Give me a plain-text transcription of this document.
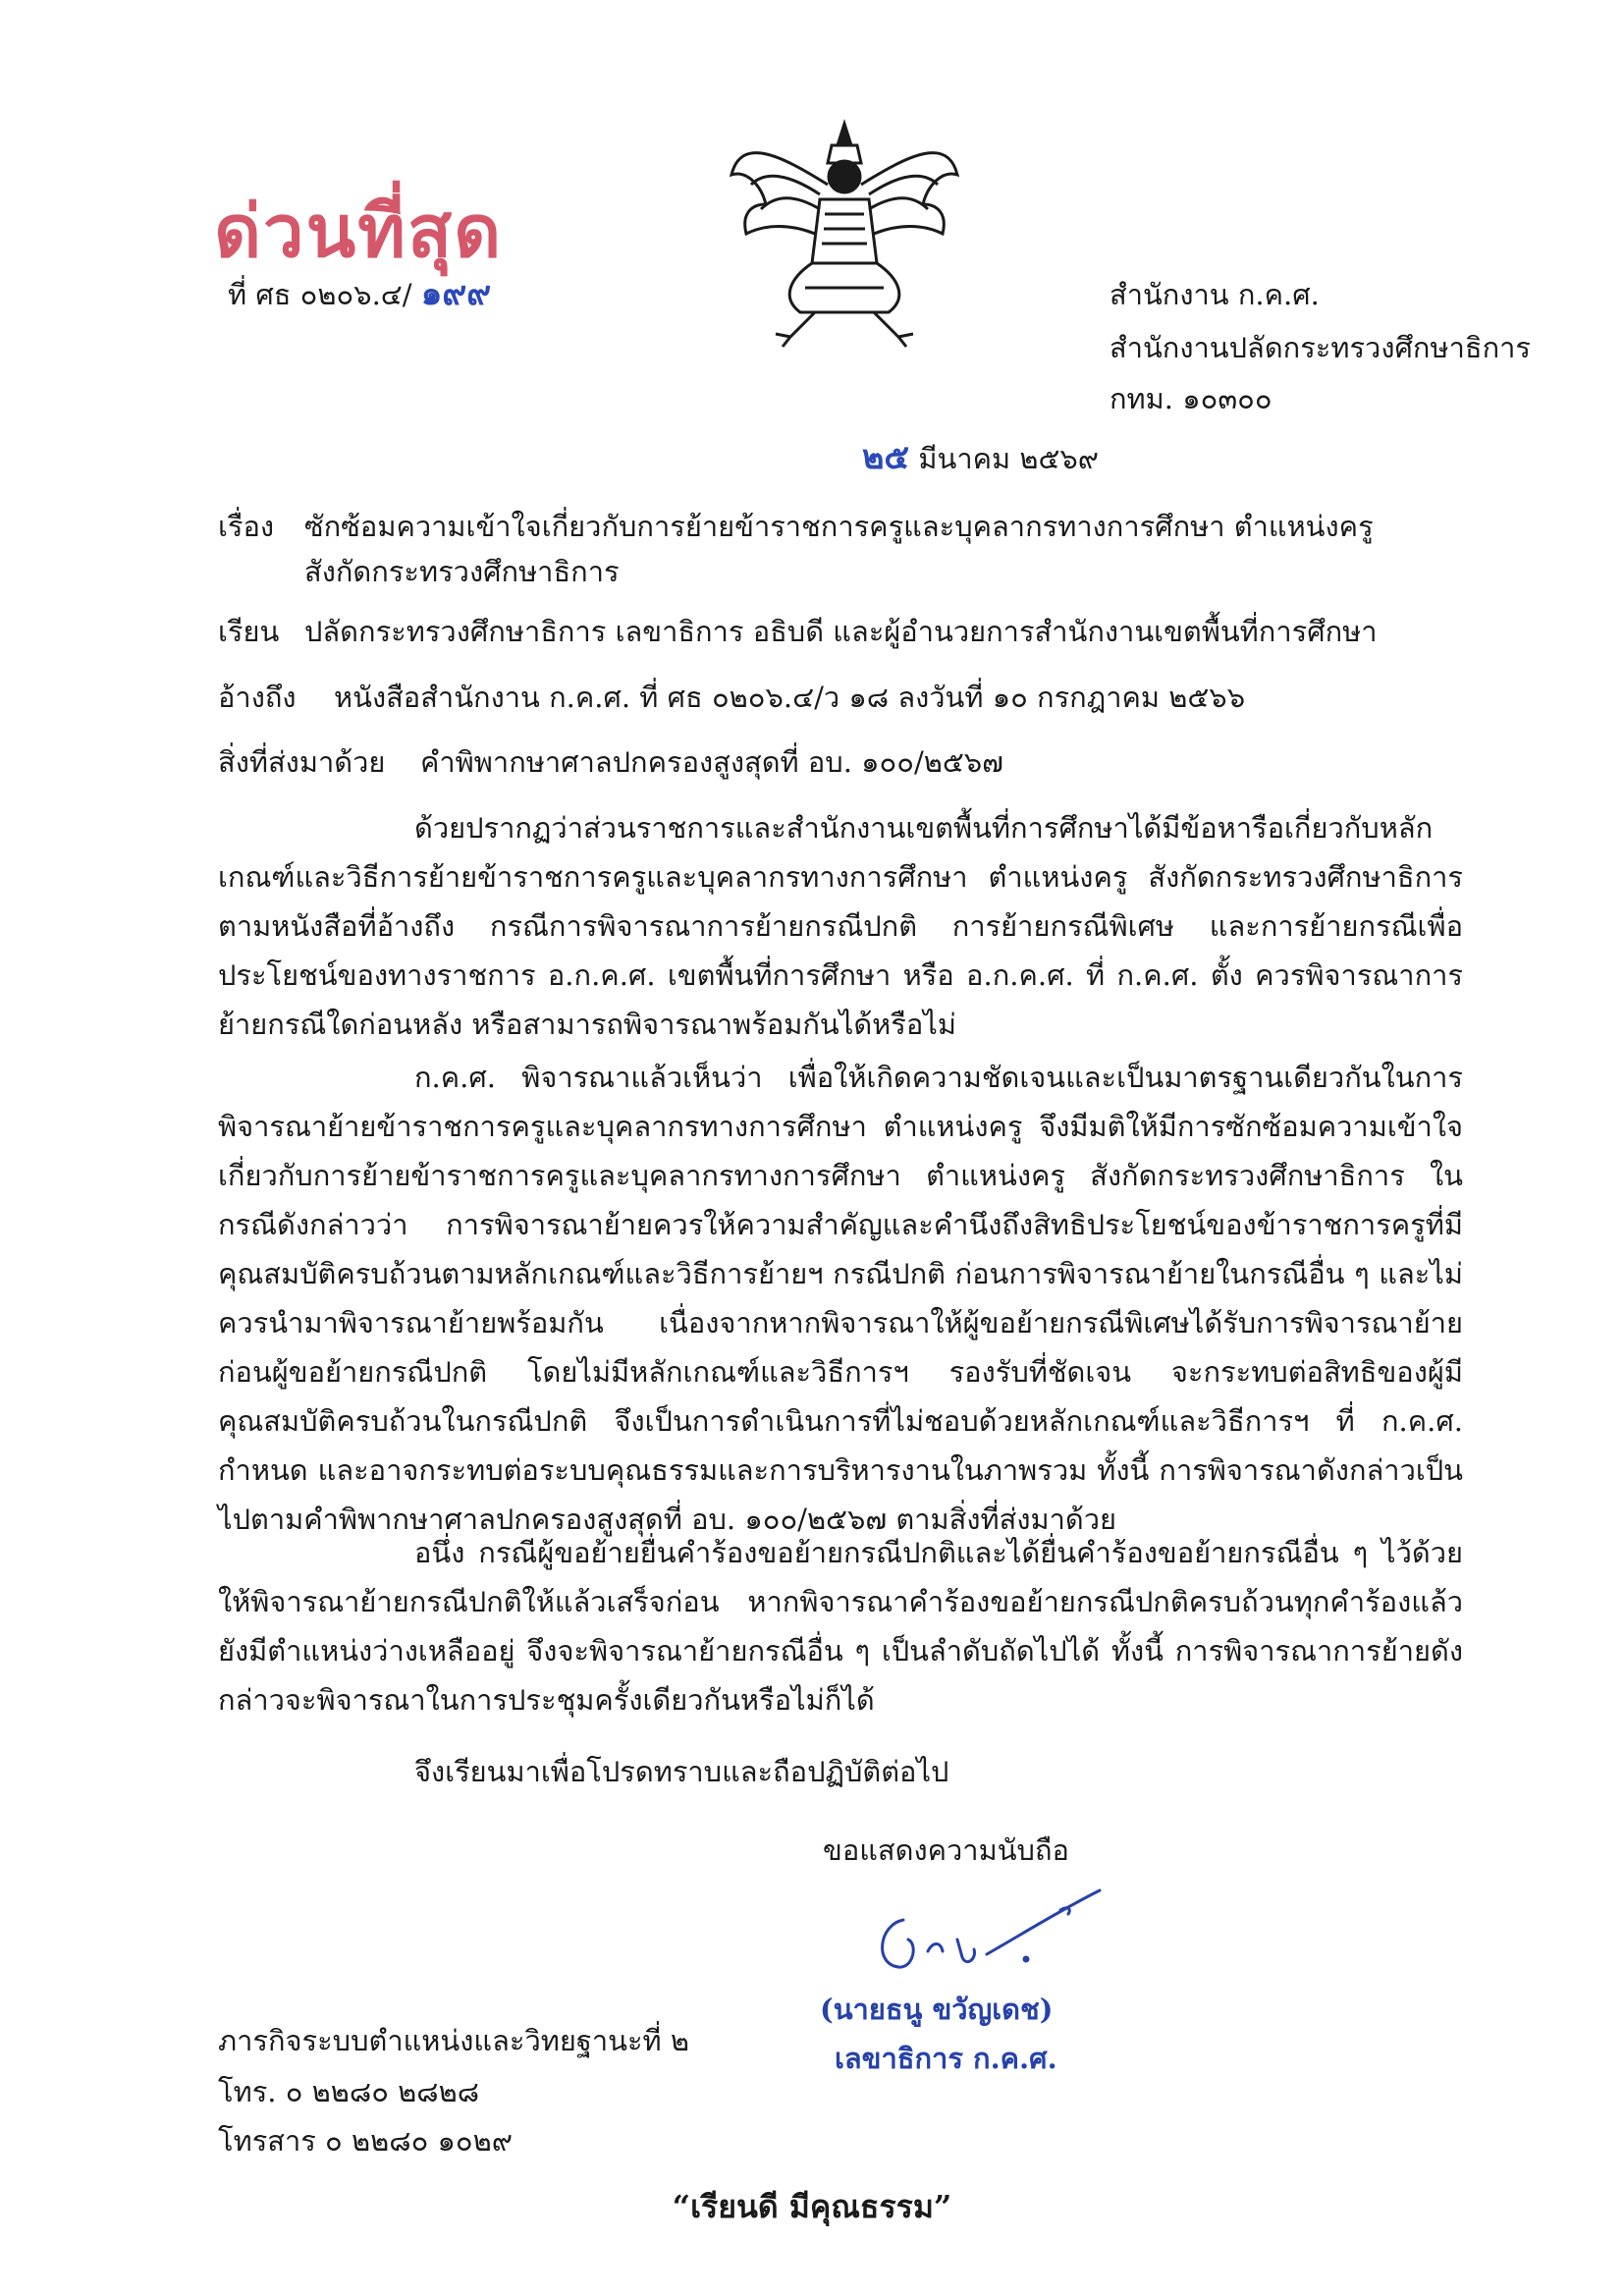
ด่วนที่สุด
ที่ ศธ ๐๒๐๖.๔/ ๑๙๙	สำนักงาน ก.ค.ศ.
สำนักงานปลัดกระทรวงศึกษาธิการ
กทม. ๑๐๓๐๐
๒๕ มีนาคม ๒๕๖๙
เรื่อง ซักซ้อมความเข้าใจเกี่ยวกับการย้ายข้าราชการครูและบุคลากรทางการศึกษา ตำแหน่งครู
สังกัดกระทรวงศึกษาธิการ
เรียน ปลัดกระทรวงศึกษาธิการ เลขาธิการ อธิบดี และผู้อำนวยการสำนักงานเขตพื้นที่การศึกษา
อ้างถึง หนังสือสำนักงาน ก.ค.ศ. ที่ ศธ ๐๒๐๖.๔/ว ๑๘ ลงวันที่ ๑๐ กรกฎาคม ๒๕๖๖
สิ่งที่ส่งมาด้วย คำพิพากษาศาลปกครองสูงสุดที่ อบ. ๑๐๐/๒๕๖๗
ด้วยปรากฏว่าส่วนราชการและสำนักงานเขตพื้นที่การศึกษาได้มีข้อหารือเกี่ยวกับหลักเกณฑ์และวิธีการย้ายข้าราชการครูและบุคลากรทางการศึกษา ตำแหน่งครู สังกัดกระทรวงศึกษาธิการ ตามหนังสือที่อ้างถึง กรณีการพิจารณาการย้ายกรณีปกติ การย้ายกรณีพิเศษ และการย้ายกรณีเพื่อประโยชน์ของทางราชการ อ.ก.ค.ศ. เขตพื้นที่การศึกษา หรือ อ.ก.ค.ศ. ที่ ก.ค.ศ. ตั้ง ควรพิจารณาการย้ายกรณีใดก่อนหลัง หรือสามารถพิจารณาพร้อมกันได้หรือไม่
ก.ค.ศ. พิจารณาแล้วเห็นว่า เพื่อให้เกิดความชัดเจนและเป็นมาตรฐานเดียวกันในการพิจารณาย้ายข้าราชการครูและบุคลากรทางการศึกษา ตำแหน่งครู จึงมีมติให้มีการซักซ้อมความเข้าใจเกี่ยวกับการย้ายข้าราชการครูและบุคลากรทางการศึกษา ตำแหน่งครู สังกัดกระทรวงศึกษาธิการ ในกรณีดังกล่าวว่า การพิจารณาย้ายควรให้ความสำคัญและคำนึงถึงสิทธิประโยชน์ของข้าราชการครูที่มีคุณสมบัติครบถ้วนตามหลักเกณฑ์และวิธีการย้ายฯ กรณีปกติ ก่อนการพิจารณาย้ายในกรณีอื่น ๆ และไม่ควรนำมาพิจารณาย้ายพร้อมกัน เนื่องจากหากพิจารณาให้ผู้ขอย้ายกรณีพิเศษได้รับการพิจารณาย้ายก่อนผู้ขอย้ายกรณีปกติ โดยไม่มีหลักเกณฑ์และวิธีการฯ รองรับที่ชัดเจน จะกระทบต่อสิทธิของผู้มีคุณสมบัติครบถ้วนในกรณีปกติ จึงเป็นการดำเนินการที่ไม่ชอบด้วยหลักเกณฑ์และวิธีการฯ ที่ ก.ค.ศ. กำหนด และอาจกระทบต่อระบบคุณธรรมและการบริหารงานในภาพรวม ทั้งนี้ การพิจารณาดังกล่าวเป็นไปตามคำพิพากษาศาลปกครองสูงสุดที่ อบ. ๑๐๐/๒๕๖๗ ตามสิ่งที่ส่งมาด้วย
อนึ่ง กรณีผู้ขอย้ายยื่นคำร้องขอย้ายกรณีปกติและได้ยื่นคำร้องขอย้ายกรณีอื่น ๆ ไว้ด้วย ให้พิจารณาย้ายกรณีปกติให้แล้วเสร็จก่อน หากพิจารณาคำร้องขอย้ายกรณีปกติครบถ้วนทุกคำร้องแล้ว ยังมีตำแหน่งว่างเหลืออยู่ จึงจะพิจารณาย้ายกรณีอื่น ๆ เป็นลำดับถัดไปได้ ทั้งนี้ การพิจารณาการย้ายดังกล่าวจะพิจารณาในการประชุมครั้งเดียวกันหรือไม่ก็ได้
จึงเรียนมาเพื่อโปรดทราบและถือปฏิบัติต่อไป
ขอแสดงความนับถือ
(นายธนู ขวัญเดช)
เลขาธิการ ก.ค.ศ.
ภารกิจระบบตำแหน่งและวิทยฐานะที่ ๒
โทร. ๐ ๒๒๘๐ ๒๘๒๘
โทรสาร ๐ ๒๒๘๐ ๑๐๒๙
“เรียนดี มีคุณธรรม”
